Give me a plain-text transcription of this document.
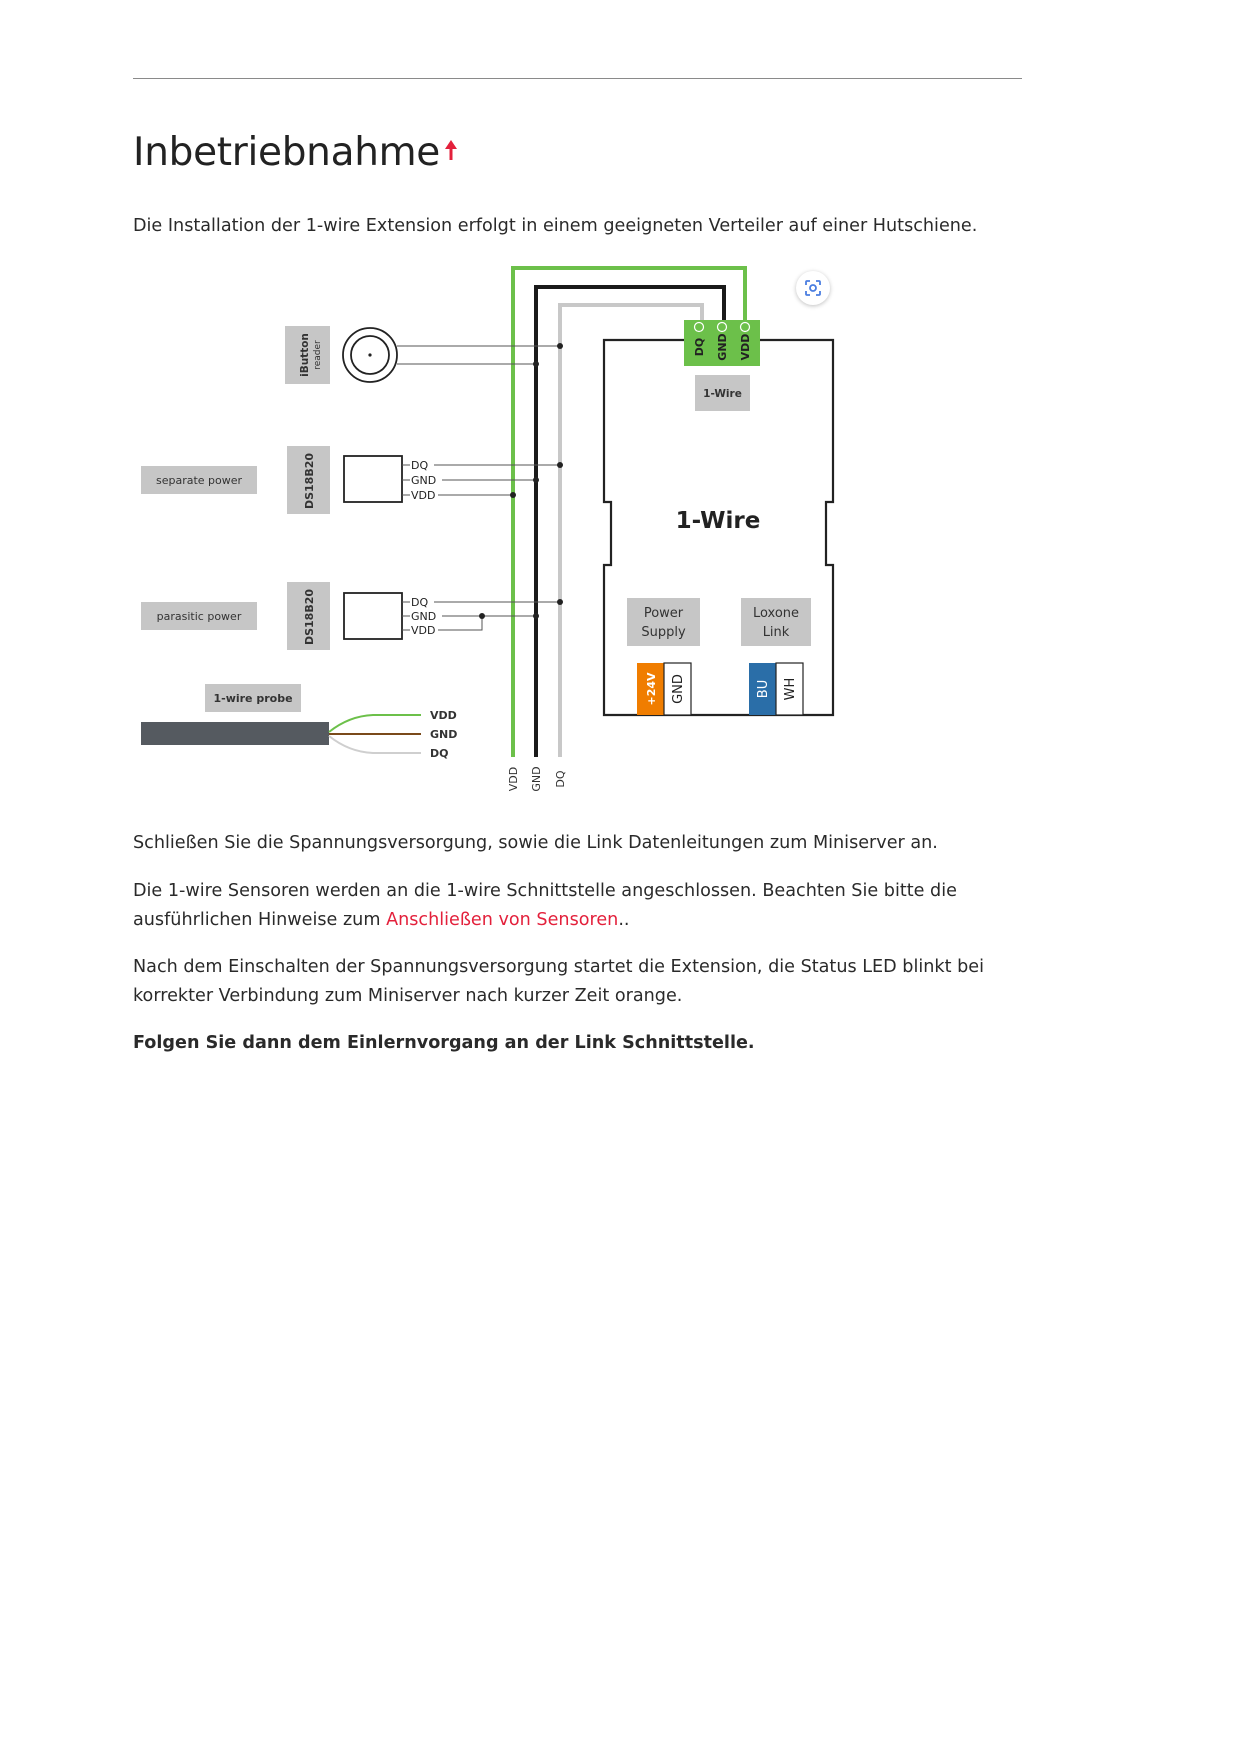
Inbetriebnahme

Die Installation der 1-wire Extension erfolgt in einem geeigneten Verteiler auf einer Hutschiene.

iButton reader
separate power	DS18B20	DQ
GND
VDD
parasitic power	DS18B20	DQ
GND
VDD
1-wire probe
VDD
GND
DQ
VDD GND DQ
1-Wire
DQ GND VDD
1-Wire
Power
Supply
+24V GND
Loxone
Link
BU WH

Schließen Sie die Spannungsversorgung, sowie die Link Datenleitungen zum Miniserver an.

Die 1-wire Sensoren werden an die 1-wire Schnittstelle angeschlossen. Beachten Sie bitte die ausführlichen Hinweise zum Anschließen von Sensoren..

Nach dem Einschalten der Spannungsversorgung startet die Extension, die Status LED blinkt bei korrekter Verbindung zum Miniserver nach kurzer Zeit orange.

Folgen Sie dann dem Einlernvorgang an der Link Schnittstelle.
